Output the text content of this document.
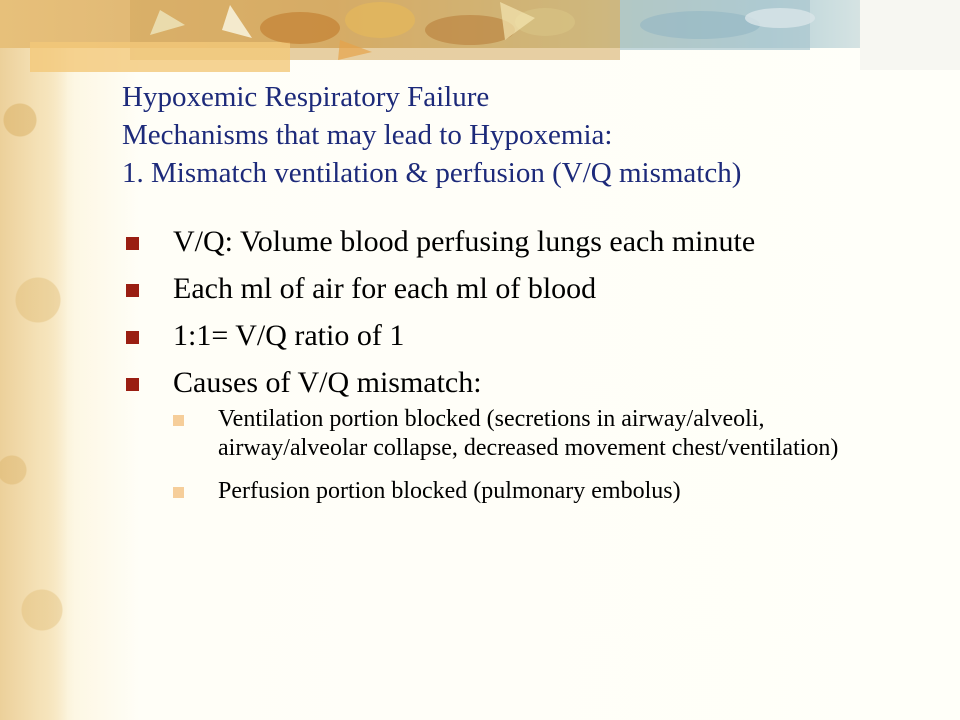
Hypoxemic Respiratory Failure
Mechanisms that may lead to Hypoxemia:
1. Mismatch ventilation & perfusion (V/Q mismatch)
V/Q: Volume blood perfusing lungs each minute
Each ml of air for each ml of blood
1:1= V/Q ratio of 1
Causes of V/Q mismatch:
Ventilation portion blocked (secretions in airway/alveoli, airway/alveolar collapse, decreased movement chest/ventilation)
Perfusion portion blocked (pulmonary embolus)
